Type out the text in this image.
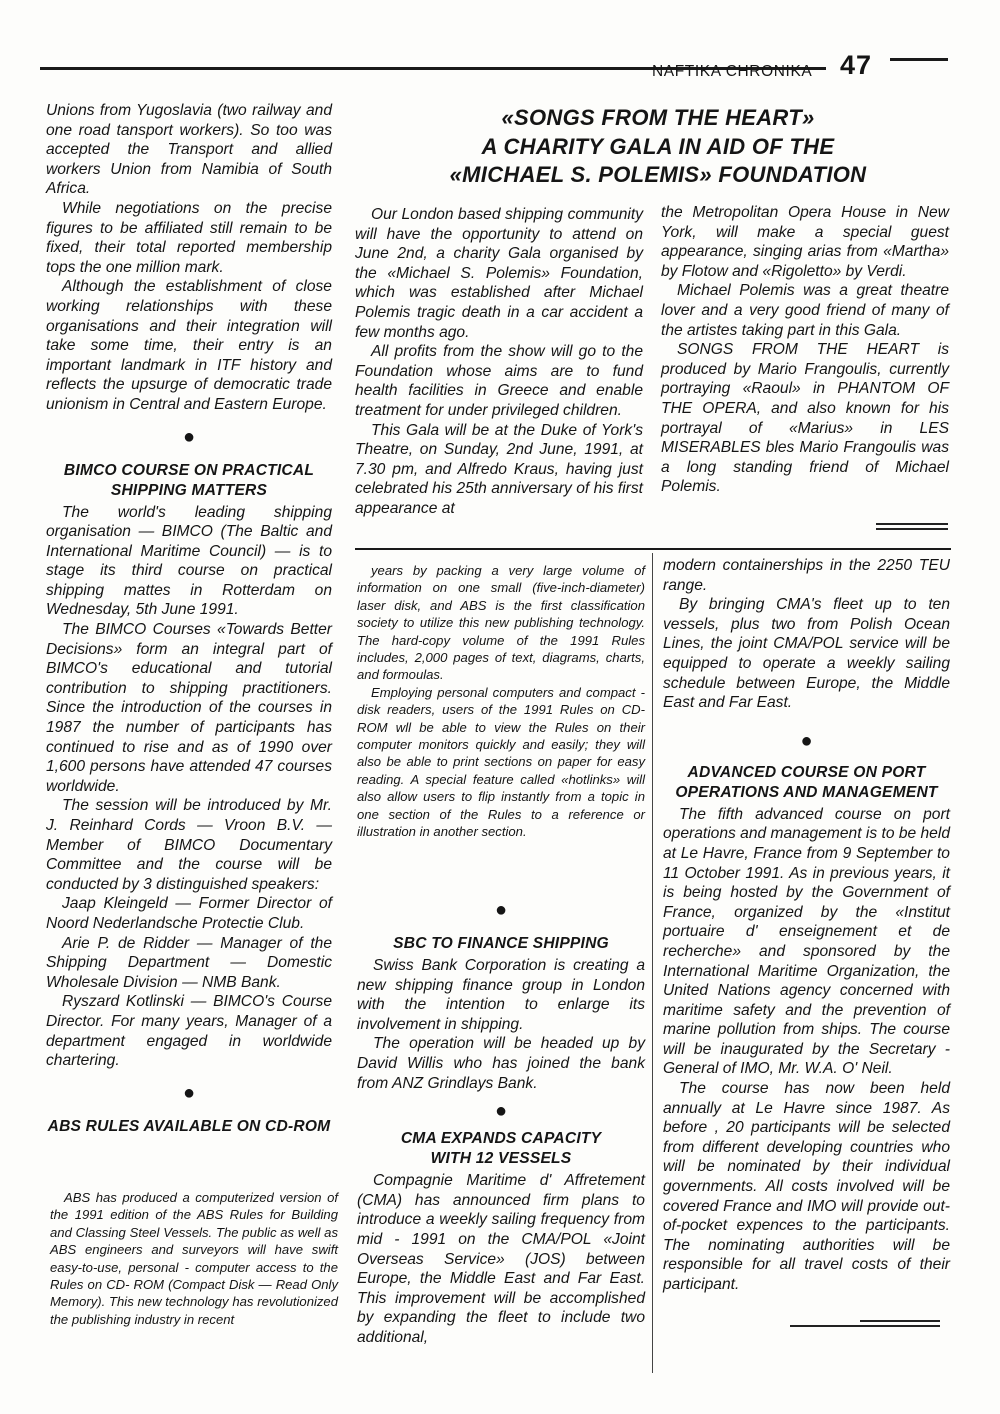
NAFTIKA CHRONIKA 47

Unions from Yugoslavia (two railway and one road tansport workers). So too was accepted the Transport and allied workers Union from Namibia of South Africa.

While negotiations on the precise figures to be affiliated still remain to be fixed, their total reported membership tops the one million mark.

Although the establishment of close working relationships with these organisations and their integration will take some time, their entry is an important landmark in ITF history and reflects the upsurge of democratic trade unionism in Central and Eastern Europe.

●
BIMCO COURSE ON PRACTICAL SHIPPING MATTERS

The world's leading shipping organisation — BIMCO (The Baltic and International Maritime Council) — is to stage its third course on practical shipping mattes in Rotterdam on Wednesday, 5th June 1991.

The BIMCO Courses «Towards Better Decisions» form an integral part of BIMCO's educational and tutorial contribution to shipping practitioners. Since the introduction of the courses in 1987 the number of participants has continued to rise and as of 1990 over 1,600 persons have attended 47 courses worldwide.

The session will be introduced by Mr. J. Reinhard Cords — Vroon B.V. — Member of BIMCO Documentary Committee and the course will be conducted by 3 distinguished speakers:

Jaap Kleingeld — Former Director of Noord Nederlandsche Protectie Club.

Arie P. de Ridder — Manager of the Shipping Department — Domestic Wholesale Division — NMB Bank.

Ryszard Kotlinski — BIMCO's Course Director. For many years, Manager of a department engaged in worldwide chartering.

●
ABS RULES AVAILABLE ON CD-ROM

ABS has produced a computerized version of the 1991 edition of the ABS Rules for Building and Classing Steel Vessels. The public as well as ABS engineers and surveyors will have swift easy-to-use, personal - computer access to the Rules on CD- ROM (Compact Disk — Read Only Memory). This new technology has revolutionized the publishing industry in recent

«SONGS FROM THE HEART»
A CHARITY GALA IN AID OF THE
«MICHAEL S. POLEMIS» FOUNDATION

Our London based shipping community will have the opportunity to attend on June 2nd, a charity Gala organised by the «Michael S. Polemis» Foundation, which was established after Michael Polemis tragic death in a car accident a few months ago.

All profits from the show will go to the Foundation whose aims are to fund health facilities in Greece and enable treatment for under privileged children.

This Gala will be at the Duke of York's Theatre, on Sunday, 2nd June, 1991, at 7.30 pm, and Alfredo Kraus, having just celebrated his 25th anniversary of his first appearance at

the Metropolitan Opera House in New York, will make a special guest appearance, singing arias from «Martha» by Flotow and «Rigoletto» by Verdi.

Michael Polemis was a great theatre lover and a very good friend of many of the artistes taking part in this Gala.

SONGS FROM THE HEART is produced by Mario Frangoulis, currently portraying «Raoul» in PHANTOM OF THE OPERA, and also known for his portrayal of «Marius» in LES MISERABLES bles Mario Frangoulis was a long standing friend of Michael Polemis.

years by packing a very large volume of information on one small (five-inch-diameter) laser disk, and ABS is the first classification society to utilize this new publishing technology. The hard-copy volume of the 1991 Rules includes, 2,000 pages of text, diagrams, charts, and formoulas.

Employing personal computers and compact - disk readers, users of the 1991 Rules on CD-ROM wll be able to view the Rules on their computer monitors quickly and easily; they will also be able to print sections on paper for easy reading. A special feature called «hotlinks» will also allow users to flip instantly from a topic in one section of the Rules to a reference or illustration in another section.

●
SBC TO FINANCE SHIPPING

Swiss Bank Corporation is creating a new shipping finance group in London with the intention to enlarge its involvement in shipping.

The operation will be headed up by David Willis who has joined the bank from ANZ Grindlays Bank.

●
CMA EXPANDS CAPACITY WITH 12 VESSELS

Compagnie Maritime d' Affretement (CMA) has announced firm plans to introduce a weekly sailing frequency from mid - 1991 on the CMA/POL «Joint Overseas Service» (JOS) between Europe, the Middle East and Far East. This improvement will be accomplished by expanding the fleet to include two additional,

modern containerships in the 2250 TEU range.

By bringing CMA's fleet up to ten vessels, plus two from Polish Ocean Lines, the joint CMA/POL service will be equipped to operate a weekly sailing schedule between Europe, the Middle East and Far East.

●
ADVANCED COURSE ON PORT OPERATIONS AND MANAGEMENT

The fifth advanced course on port operations and management is to be held at Le Havre, France from 9 September to 11 October 1991. As in previous years, it is being hosted by the Government of France, organized by the «Institut portuaire d' enseignement et de recherche» and sponsored by the International Maritime Organization, the United Nations agency concerned with maritime safety and the prevention of marine pollution from ships. The course will be inaugurated by the Secretary - General of IMO, Mr. W.A. O' Neil.

The course has now been held annually at Le Havre since 1987. As before , 20 participants will be selected from different developing countries who will be nominated by their individual governments. All costs involved will be covered France and IMO will provide out-of-pocket expences to the participants. The nominating authorities will be responsible for all travel costs of their participant.
